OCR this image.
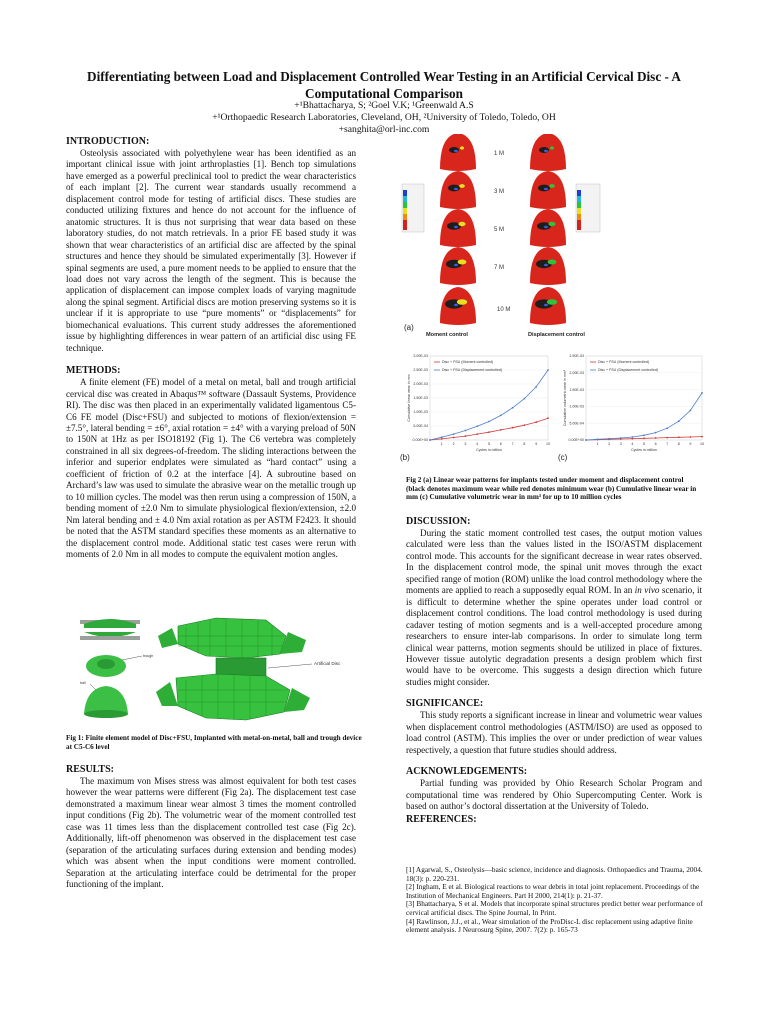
Differentiating between Load and Displacement Controlled Wear Testing in an Artificial Cervical Disc - A
Computational Comparison
+¹Bhattacharya, S; ²Goel V.K; ¹Greenwald A.S
+¹Orthopaedic Research Laboratories, Cleveland, OH, ²University of Toledo, Toledo, OH
+sanghita@orl-inc.com
INTRODUCTION:
Osteolysis associated with polyethylene wear has been identified as an important clinical issue with joint arthroplasties [1]. Bench top simulations have emerged as a powerful preclinical tool to predict the wear characteristics of each implant [2]. The current wear standards usually recommend a displacement control mode for testing of artificial discs. These studies are conducted utilizing fixtures and hence do not account for the influence of anatomic structures. It is thus not surprising that wear data based on these laboratory studies, do not match retrievals. In a prior FE based study it was shown that wear characteristics of an artificial disc are affected by the spinal structures and hence they should be simulated experimentally [3]. However if spinal segments are used, a pure moment needs to be applied to ensure that the load does not vary across the length of the segment. This is because the application of displacement can impose complex loads of varying magnitude along the spinal segment. Artificial discs are motion preserving systems so it is unclear if it is appropriate to use “pure moments” or “displacements” for biomechanical evaluations. This current study addresses the aforementioned issue by highlighting differences in wear pattern of an artificial disc using FE technique.
METHODS:
A finite element (FE) model of a metal on metal, ball and trough artificial cervical disc was created in Abaqus™ software (Dassault Systems, Providence RI). The disc was then placed in an experimentally validated ligamentous C5-C6 FE model (Disc+FSU) and subjected to motions of flexion/extension = ±7.5°, lateral bending = ±6°, axial rotation = ±4° with a varying preload of 50N to 150N at 1Hz as per ISO18192 (Fig 1). The C6 vertebra was completely constrained in all six degrees-of-freedom. The sliding interactions between the inferior and superior endplates were simulated as “hard contact” using a coefficient of friction of 0.2 at the interface [4]. A subroutine based on Archard’s law was used to simulate the abrasive wear on the metallic trough up to 10 million cycles. The model was then rerun using a compression of 150N, a bending moment of ±2.0 Nm to simulate physiological flexion/extension, ±2.0 Nm lateral bending and ± 4.0 Nm axial rotation as per ASTM F2423. It should be noted that the ASTM standard specifies these moments as an alternative to the displacement control mode. Additional static test cases were rerun with moments of 2.0 Nm in all modes to compute the equivalent motion angles.
trough
ball
Artificial Disc
Fig 1: Finite element model of Disc+FSU, Implanted with metal-on-metal, ball and trough device at C5-C6 level
RESULTS:
The maximum von Mises stress was almost equivalent for both test cases however the wear patterns were different (Fig 2a). The displacement test case demonstrated a maximum linear wear almost 3 times the moment controlled input conditions (Fig 2b). The volumetric wear of the moment controlled test case was 11 times less than the displacement controlled test case (Fig 2c). Additionally, lift-off phenomenon was observed in the displacement test case (separation of the articulating surfaces during extension and bending modes) which was absent when the input conditions were moment controlled. Separation at the articulating interface could be detrimental for the proper functioning of the implant.
1 M
3 M
5 M
7 M
10 M
(a)
Moment control	Displacement control
(b)
0.00E+00
5.00E-04
1.00E-03
1.50E-03
2.00E-03
2.50E-03
3.00E-03
1	2	3	4	5	6	7	8	9 10
Cycles in million
Cumulative linear wear in mm
Disc + FSU (Moment controlled)
Disc + FSU (Displacement controlled)
(c)
0.00E+00
5.00E-04
1.00E-03
1.50E-03
2.00E-03
2.50E-03
1	2	3	4	5	6	7	8	9 10
Cycles in million
Cumulative volumetric wear in mm³
Disc + FSU (Moment controlled)
Disc + FSU (Displacement controlled)
Fig 2 (a) Linear wear patterns for implants tested under moment and displacement control (black denotes maximum wear while red denotes minimum wear (b) Cumulative linear wear in mm (c) Cumulative volumetric wear in mm³ for up to 10 million cycles
DISCUSSION:
During the static moment controlled test cases, the output motion values calculated were less than the values listed in the ISO/ASTM displacement control mode. This accounts for the significant decrease in wear rates observed. In the displacement control mode, the spinal unit moves through the exact specified range of motion (ROM) unlike the load control methodology where the moments are applied to reach a supposedly equal ROM. In an in vivo scenario, it is difficult to determine whether the spine operates under load control or displacement control conditions. The load control methodology is used during cadaver testing of motion segments and is a well-accepted procedure among researchers to ensure inter-lab comparisons. In order to simulate long term clinical wear patterns, motion segments should be utilized in place of fixtures. However tissue autolytic degradation presents a design problem which first would have to be overcome. This suggests a design direction which future studies might consider.
SIGNIFICANCE:
This study reports a significant increase in linear and volumetric wear values when displacement control methodologies (ASTM/ISO) are used as opposed to load control (ASTM). This implies the over or under prediction of wear values respectively, a question that future studies should address.
ACKNOWLEDGEMENTS:
Partial funding was provided by Ohio Research Scholar Program and computational time was rendered by Ohio Supercomputing Center. Work is based on author’s doctoral dissertation at the University of Toledo.
REFERENCES:
[1] Agarwal, S., Osteolysis—basic science, incidence and diagnosis. Orthopaedics and Trauma, 2004. 18(3): p. 220-231.
[2] Ingham, E et al. Biological reactions to wear debris in total joint replacement. Proceedings of the Institution of Mechanical Engineers. Part H 2000, 214(1): p. 21-37.
[3] Bhattacharya, S et al. Models that incorporate spinal structures predict better wear performance of cervical artificial discs. The Spine Journal, In Print.
[4] Rawlinson, J.J., et al., Wear simulation of the ProDisc-L disc replacement using adaptive finite element analysis. J Neurosurg Spine, 2007. 7(2): p. 165-73
